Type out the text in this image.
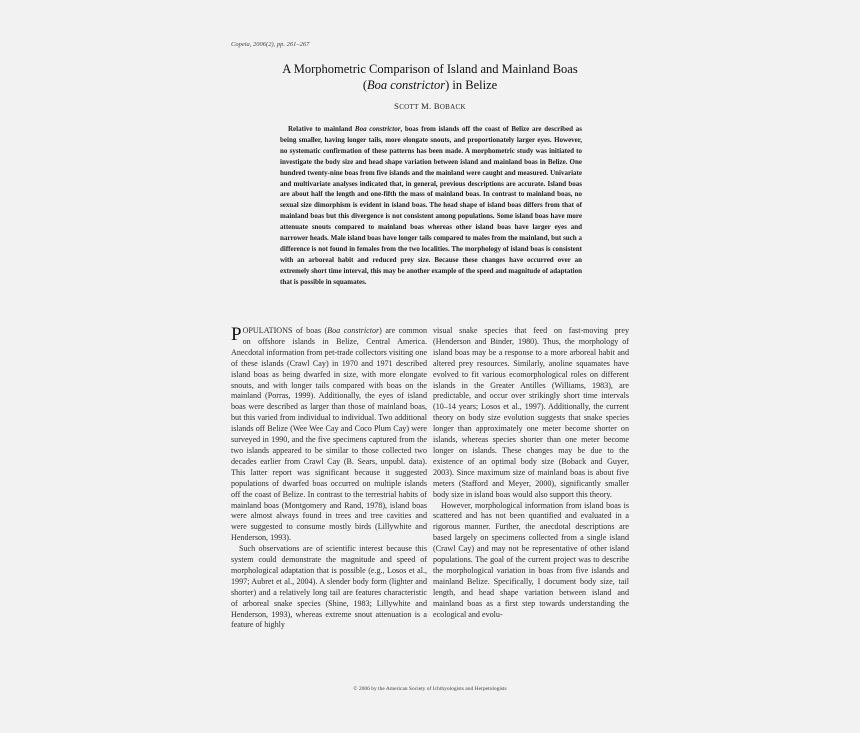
Copeia, 2006(2), pp. 261–267
A Morphometric Comparison of Island and Mainland Boas
(Boa constrictor) in Belize
SCOTT M. BOBACK
Relative to mainland Boa constrictor, boas from islands off the coast of Belize are described as being smaller, having longer tails, more elongate snouts, and proportionately larger eyes. However, no systematic confirmation of these patterns has been made. A morphometric study was initiated to investigate the body size and head shape variation between island and mainland boas in Belize. One hundred twenty-nine boas from five islands and the mainland were caught and measured. Univariate and multivariate analyses indicated that, in general, previous descriptions are accurate. Island boas are about half the length and one-fifth the mass of mainland boas. In contrast to mainland boas, no sexual size dimorphism is evident in island boas. The head shape of island boas differs from that of mainland boas but this divergence is not consistent among populations. Some island boas have more attenuate snouts compared to mainland boas whereas other island boas have larger eyes and narrower heads. Male island boas have longer tails compared to males from the mainland, but such a difference is not found in females from the two localities. The morphology of island boas is consistent with an arboreal habit and reduced prey size. Because these changes have occurred over an extremely short time interval, this may be another example of the speed and magnitude of adaptation that is possible in squamates.

POPULATIONS of boas (Boa constrictor) are common on offshore islands in Belize, Central America. Anecdotal information from pet-trade collectors visiting one of these islands (Crawl Cay) in 1970 and 1971 described island boas as being dwarfed in size, with more elongate snouts, and with longer tails compared with boas on the mainland (Porras, 1999). Additionally, the eyes of island boas were described as larger than those of mainland boas, but this varied from individual to individual. Two additional islands off Belize (Wee Wee Cay and Coco Plum Cay) were surveyed in 1990, and the five specimens captured from the two islands appeared to be similar to those collected two decades earlier from Crawl Cay (B. Sears, unpubl. data). This latter report was significant because it suggested populations of dwarfed boas occurred on multiple islands off the coast of Belize. In contrast to the terrestrial habits of mainland boas (Montgomery and Rand, 1978), island boas were almost always found in trees and tree cavities and were suggested to consume mostly birds (Lillywhite and Henderson, 1993).

Such observations are of scientific interest because this system could demonstrate the magnitude and speed of morphological adaptation that is possible (e.g., Losos et al., 1997; Aubret et al., 2004). A slender body form (lighter and shorter) and a relatively long tail are features characteristic of arboreal snake species (Shine, 1983; Lillywhite and Henderson, 1993), whereas extreme snout attenuation is a feature of highly

visual snake species that feed on fast-moving prey (Henderson and Binder, 1980). Thus, the morphology of island boas may be a response to a more arboreal habit and altered prey resources. Similarly, anoline squamates have evolved to fit various ecomorphological roles on different islands in the Greater Antilles (Williams, 1983), are predictable, and occur over strikingly short time intervals (10–14 years; Losos et al., 1997). Additionally, the current theory on body size evolution suggests that snake species longer than approximately one meter become shorter on islands, whereas species shorter than one meter become longer on islands. These changes may be due to the existence of an optimal body size (Boback and Guyer, 2003). Since maximum size of mainland boas is about five meters (Stafford and Meyer, 2000), significantly smaller body size in island boas would also support this theory.

However, morphological information from island boas is scattered and has not been quantified and evaluated in a rigorous manner. Further, the anecdotal descriptions are based largely on specimens collected from a single island (Crawl Cay) and may not be representative of other island populations. The goal of the current project was to describe the morphological variation in boas from five islands and mainland Belize. Specifically, I document body size, tail length, and head shape variation between island and mainland boas as a first step towards understanding the ecological and evolu-

© 2006 by the American Society of Ichthyologists and Herpetologists
